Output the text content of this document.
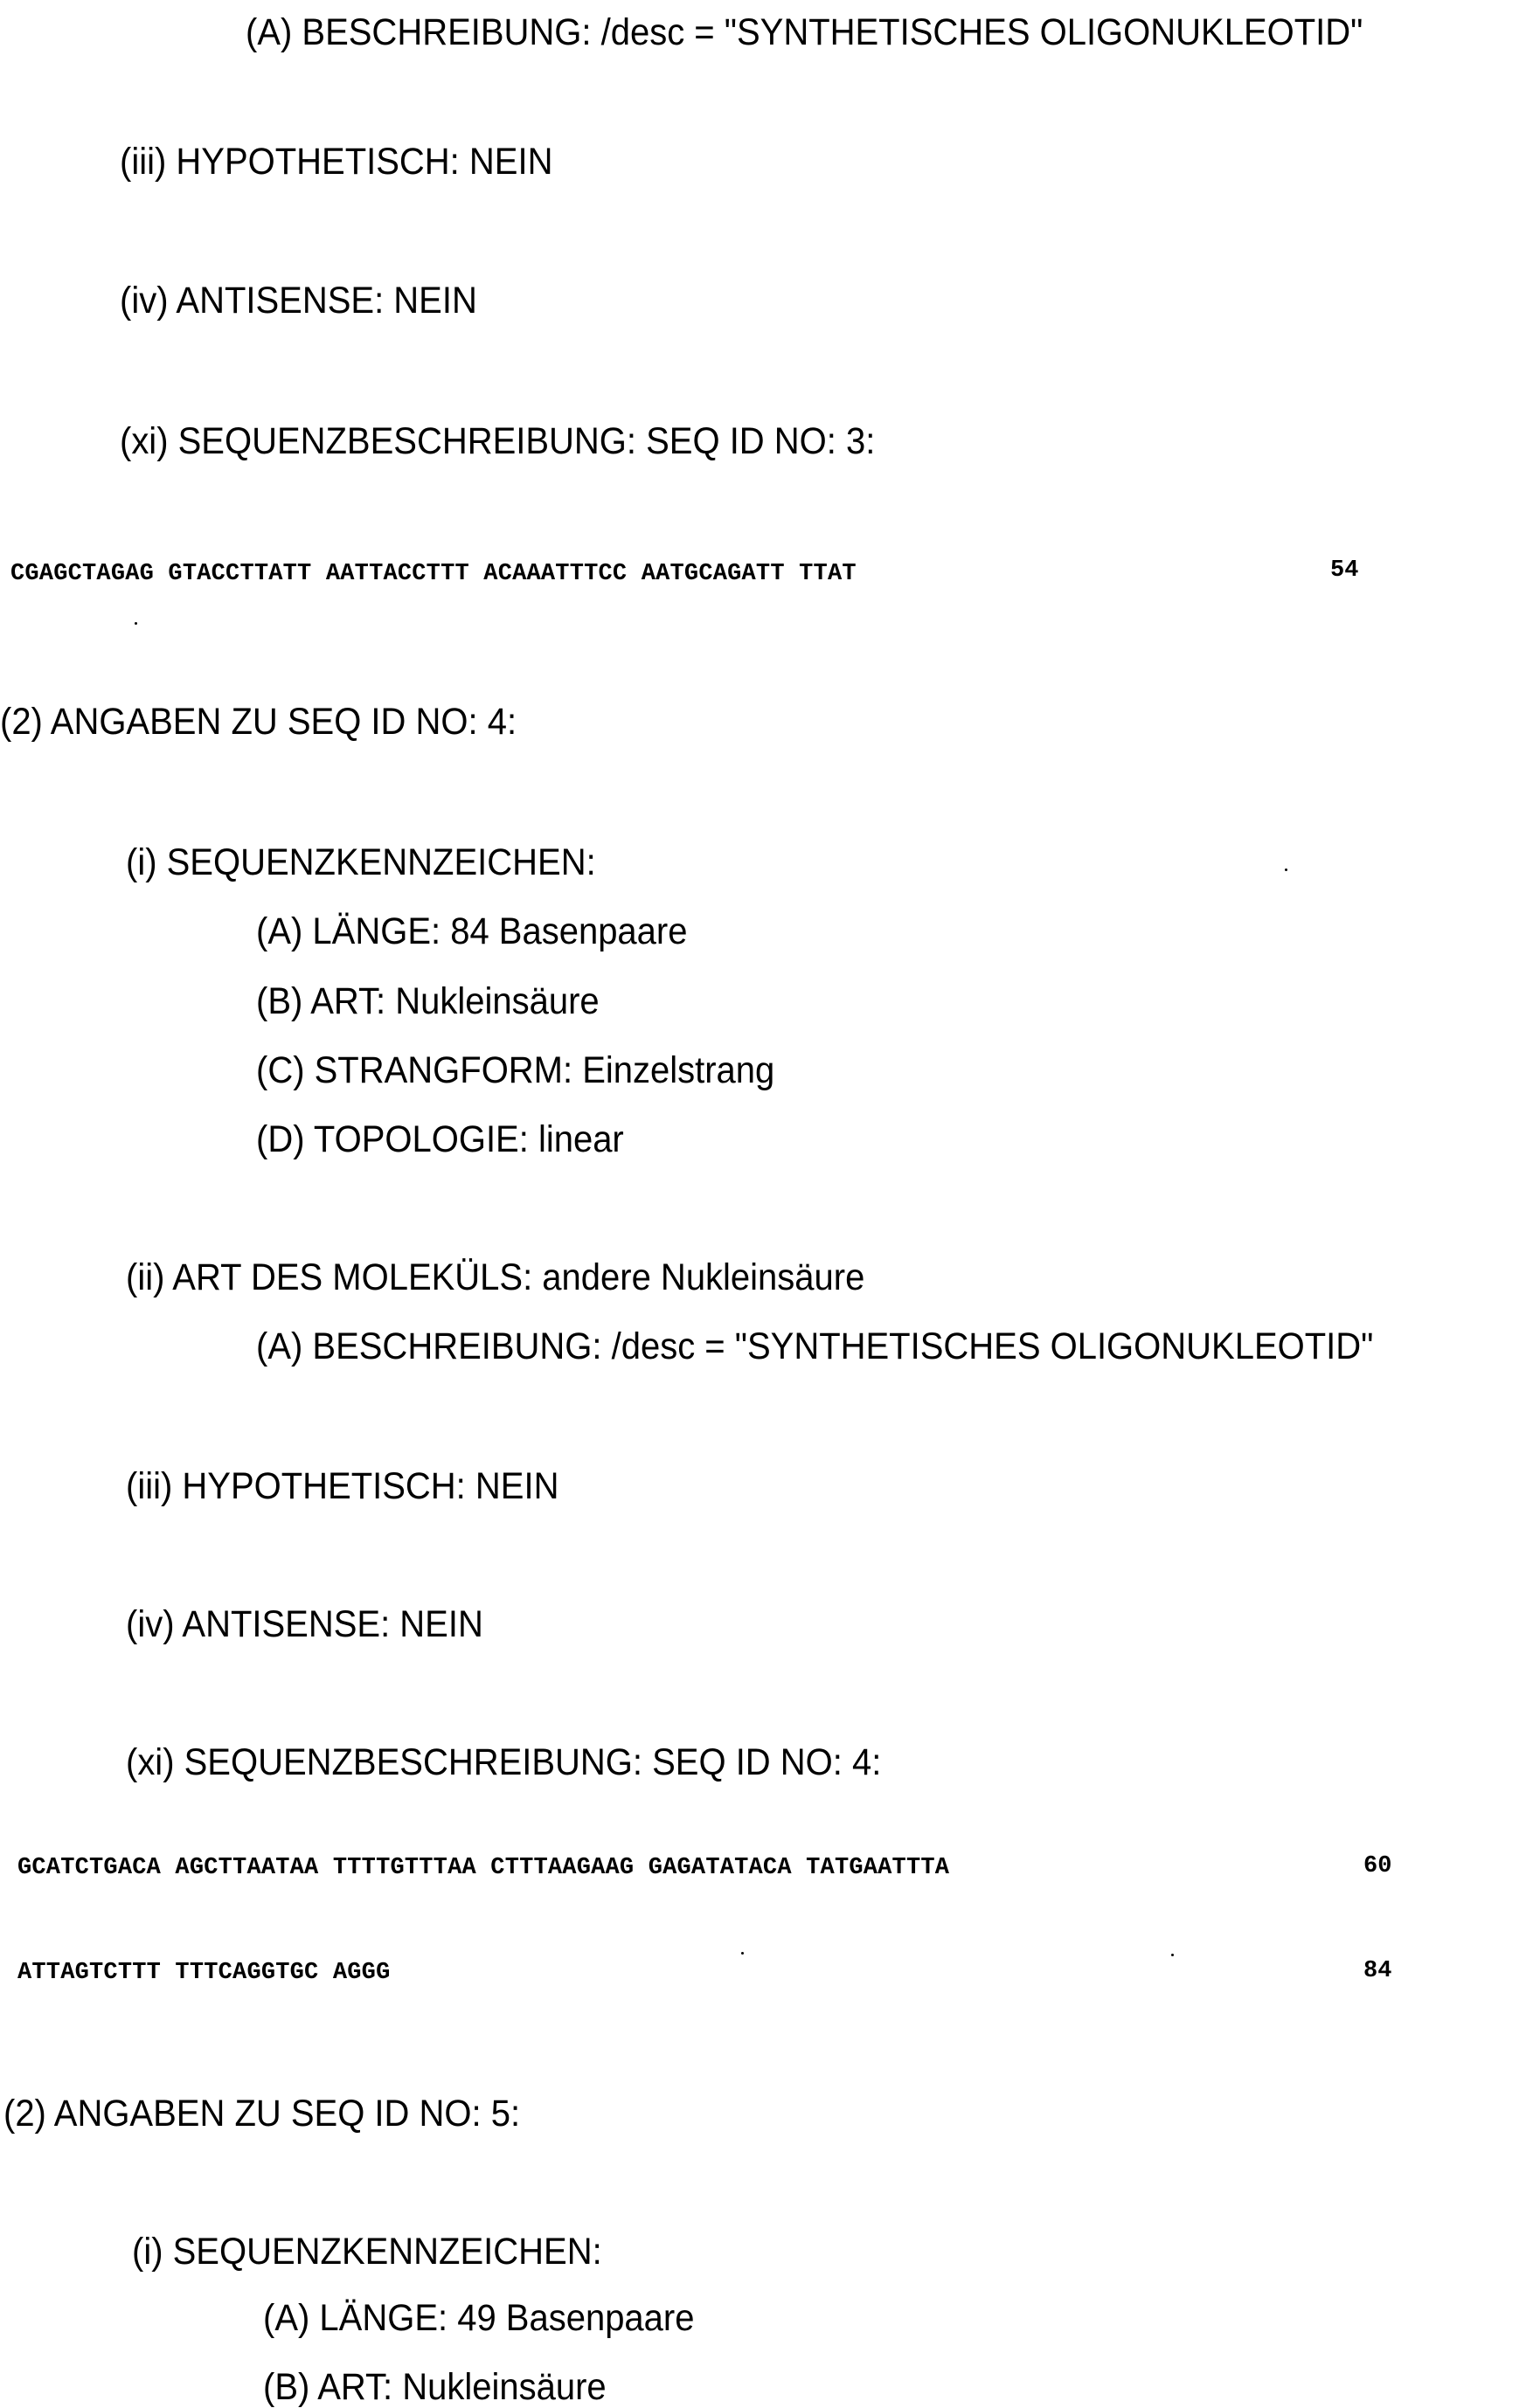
(A) BESCHREIBUNG: /desc = "SYNTHETISCHES OLIGONUKLEOTID"
(iii) HYPOTHETISCH: NEIN
(iv) ANTISENSE: NEIN
(xi) SEQUENZBESCHREIBUNG: SEQ ID NO: 3:
CGAGCTAGAG GTACCTTATT AATTACCTTT ACAAATTTCC AATGCAGATT TTAT	54
(2) ANGABEN ZU SEQ ID NO: 4:
(i) SEQUENZKENNZEICHEN:
(A) LÄNGE: 84 Basenpaare
(B) ART: Nukleinsäure
(C) STRANGFORM: Einzelstrang
(D) TOPOLOGIE: linear
(ii) ART DES MOLEKÜLS: andere Nukleinsäure
(A) BESCHREIBUNG: /desc = "SYNTHETISCHES OLIGONUKLEOTID"
(iii) HYPOTHETISCH: NEIN
(iv) ANTISENSE: NEIN
(xi) SEQUENZBESCHREIBUNG: SEQ ID NO: 4:
GCATCTGACA AGCTTAATAA TTTTGTTTAA CTTTAAGAAG GAGATATACA TATGAATTTA	60
ATTAGTCTTT TTTCAGGTGC AGGG	84
(2) ANGABEN ZU SEQ ID NO: 5:
(i) SEQUENZKENNZEICHEN:
(A) LÄNGE: 49 Basenpaare
(B) ART: Nukleinsäure
